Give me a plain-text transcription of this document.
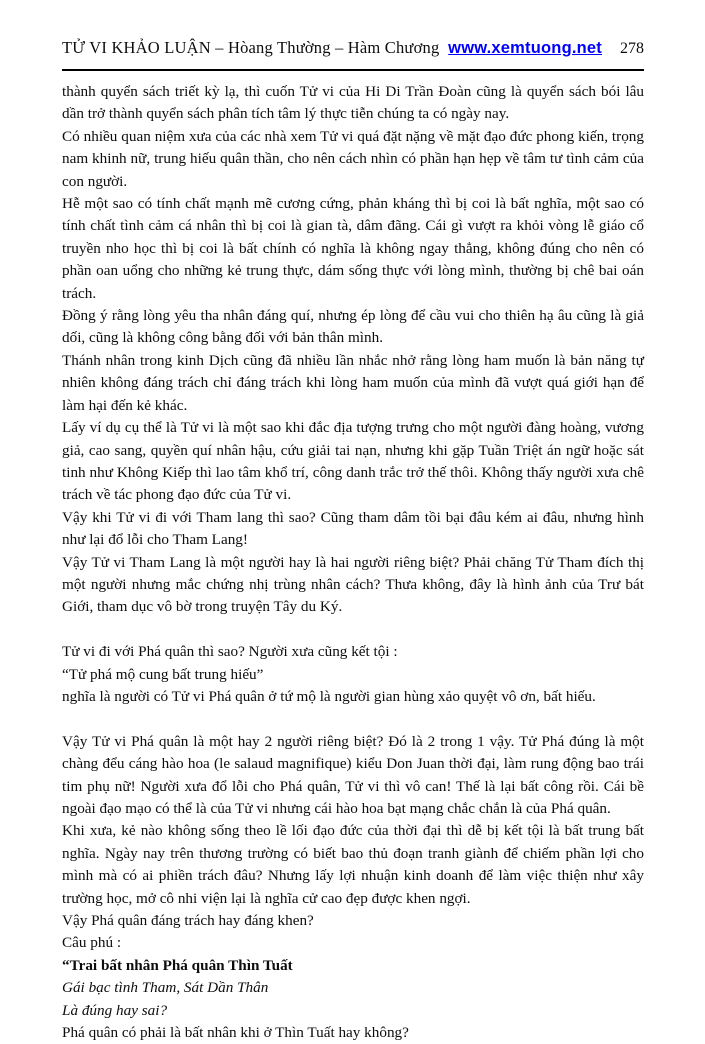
TỬ VI KHẢO LUẬN – Hòang Thường – Hàm Chương www.xemtuong.net 278

thành quyển sách triết kỳ lạ, thì cuốn Tử vi của Hi Di Trần Đoàn cũng là quyển sách bói lâu dần trở thành quyển sách phân tích tâm lý thực tiễn chúng ta có ngày nay.

Có nhiều quan niệm xưa của các nhà xem Tử vi quá đặt nặng về mặt đạo đức phong kiến, trọng nam khinh nữ, trung hiếu quân thần, cho nên cách nhìn có phần hạn hẹp về tâm tư tình cảm của con người.

Hễ một sao có tính chất mạnh mẽ cương cứng, phản kháng thì bị coi là bất nghĩa, một sao có tính chất tình cảm cá nhân thì bị coi là gian tà, dâm đãng. Cái gì vượt ra khỏi vòng lễ giáo cổ truyền nho học thì bị coi là bất chính có nghĩa là không ngay thẳng, không đúng cho nên có phần oan uổng cho những kẻ trung thực, dám sống thực với lòng mình, thường bị chê bai oán trách.

Đồng ý rằng lòng yêu tha nhân đáng quí, nhưng ép lòng để cầu vui cho thiên hạ âu cũng là giả dối, cũng là không công bằng đối với bản thân mình.

Thánh nhân trong kinh Dịch cũng đã nhiều lần nhắc nhở rằng lòng ham muốn là bản năng tự nhiên không đáng trách chỉ đáng trách khi lòng ham muốn của mình đã vượt quá giới hạn để làm hại đến kẻ khác.

Lấy ví dụ cụ thể là Tử vi là một sao khi đắc địa tượng trưng cho một người đàng hoàng, vương giả, cao sang, quyền quí nhân hậu, cứu giải tai nạn, nhưng khi gặp Tuần Triệt án ngữ hoặc sát tinh như Không Kiếp thì lao tâm khổ trí, công danh trắc trở thế thôi. Không thấy người xưa chê trách về tác phong đạo đức của Tử vi.

Vậy khi Tử vi đi với Tham lang thì sao? Cũng tham dâm tồi bại đâu kém ai đâu, nhưng hình như lại đổ lỗi cho Tham Lang!

Vậy Tử vi Tham Lang là một người hay là hai người riêng biệt? Phải chăng Tử Tham đích thị một người nhưng mắc chứng nhị trùng nhân cách? Thưa không, đây là hình ảnh của Trư bát Giới, tham dục vô bờ trong truyện Tây du Ký.

Tử vi đi với Phá quân thì sao? Người xưa cũng kết tội :

“Tử phá mộ cung bất trung hiếu”

nghĩa là người có Tử vi Phá quân ở tứ mộ là người gian hùng xảo quyệt vô ơn, bất hiếu.

Vậy Tử vi Phá quân là một hay 2 người riêng biệt? Đó là 2 trong 1 vậy. Tử Phá đúng là một chàng đểu cáng hào hoa (le salaud magnifique) kiểu Don Juan thời đại, làm rung động bao trái tim phụ nữ! Người xưa đổ lỗi cho Phá quân, Tử vi thì vô can! Thế là lại bất công rồi. Cái bề ngoài đạo mạo có thể là của Tử vi nhưng cái hào hoa bạt mạng chắc chắn là của Phá quân.

Khi xưa, kẻ nào không sống theo lề lối đạo đức của thời đại thì dễ bị kết tội là bất trung bất nghĩa. Ngày nay trên thương trường có biết bao thủ đoạn tranh giành để chiếm phần lợi cho mình mà có ai phiền trách đâu? Nhưng lấy lợi nhuận kinh doanh để làm việc thiện như xây trường học, mở cô nhi viện lại là nghĩa cử cao đẹp được khen ngợi.

Vậy Phá quân đáng trách hay đáng khen?

Câu phú :

“Trai bất nhân Phá quân Thìn Tuất

Gái bạc tình Tham, Sát Dần Thân

Là đúng hay sai?

Phá quân có phải là bất nhân khi ở Thìn Tuất hay không?
